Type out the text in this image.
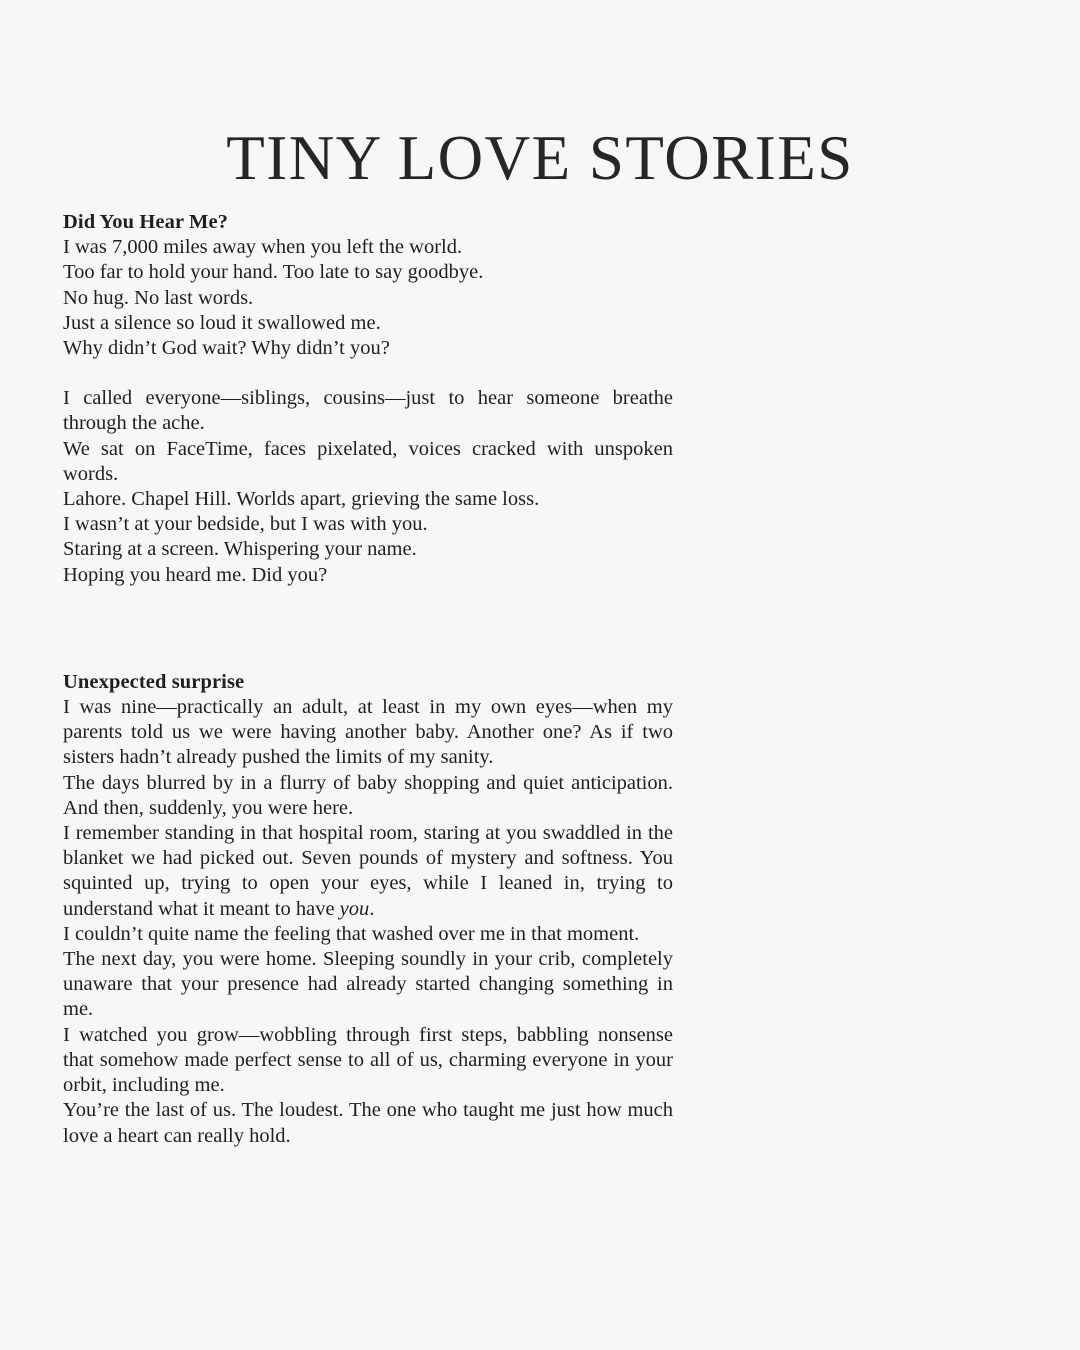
TINY LOVE STORIES

Did You Hear Me?

I was 7,000 miles away when you left the world.

Too far to hold your hand. Too late to say goodbye.

No hug. No last words.

Just a silence so loud it swallowed me.

Why didn’t God wait? Why didn’t you?

I called everyone—siblings, cousins—just to hear someone breathe through the ache.

We sat on FaceTime, faces pixelated, voices cracked with unspoken words.

Lahore. Chapel Hill. Worlds apart, grieving the same loss.

I wasn’t at your bedside, but I was with you.

Staring at a screen. Whispering your name.

Hoping you heard me. Did you?

Unexpected surprise

I was nine—practically an adult, at least in my own eyes—when my parents told us we were having another baby. Another one? As if two sisters hadn’t already pushed the limits of my sanity.

The days blurred by in a flurry of baby shopping and quiet anticipation. And then, suddenly, you were here.

I remember standing in that hospital room, staring at you swaddled in the blanket we had picked out. Seven pounds of mystery and softness. You squinted up, trying to open your eyes, while I leaned in, trying to understand what it meant to have you.

I couldn’t quite name the feeling that washed over me in that moment.

The next day, you were home. Sleeping soundly in your crib, completely unaware that your presence had already started changing something in me.

I watched you grow—wobbling through first steps, babbling nonsense that somehow made perfect sense to all of us, charming everyone in your orbit, including me.

You’re the last of us. The loudest. The one who taught me just how much love a heart can really hold.
